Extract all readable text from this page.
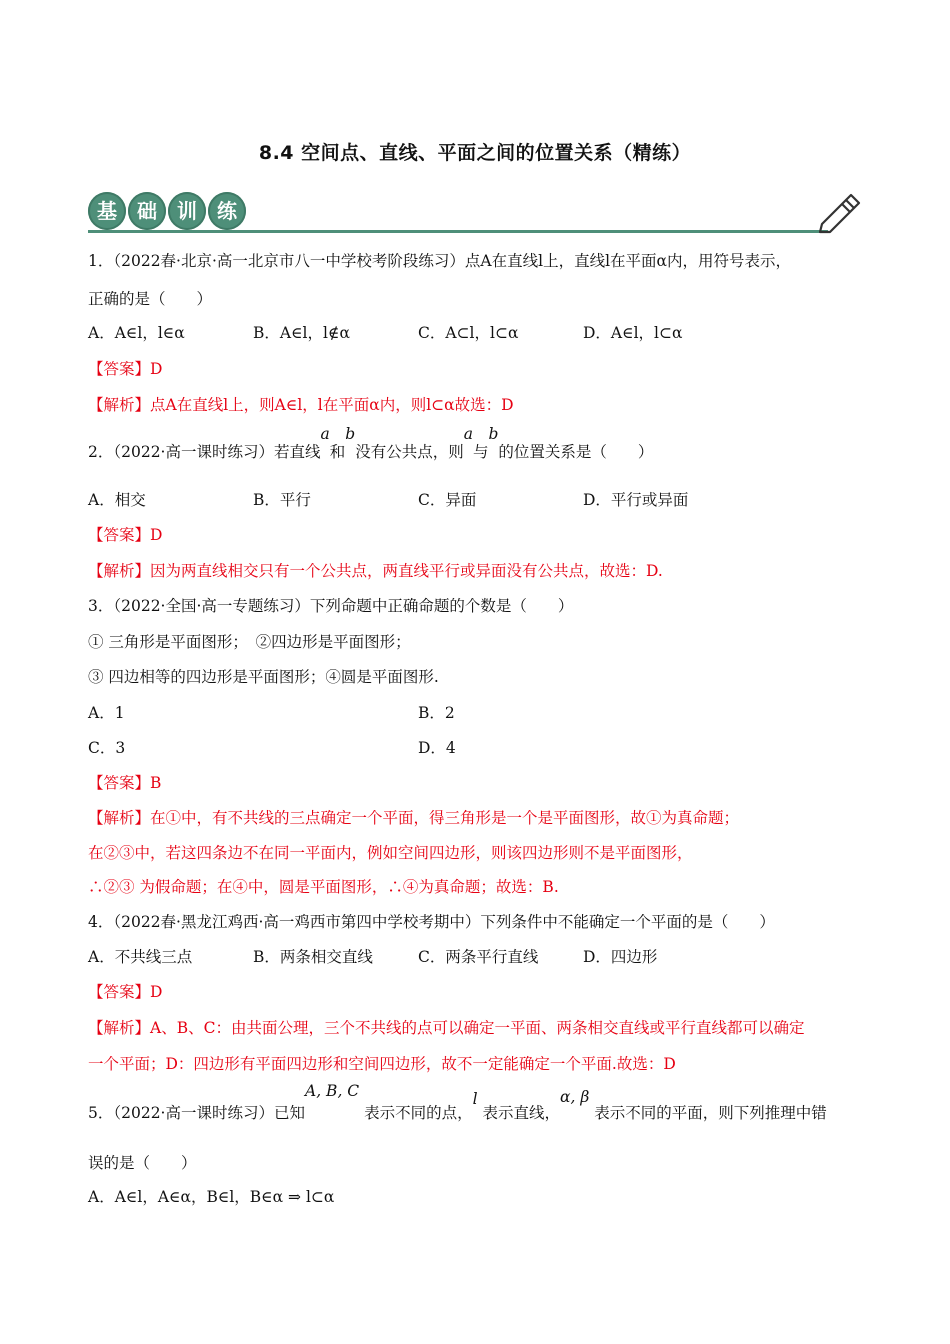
8.4 空间点、直线、平面之间的位置关系（精练）
基	础	训	练
1．（2022春·北京·高一北京市八一中学校考阶段练习）点A在直线l上，直线l在平面α内，用符号表示，
正确的是（　　）
A．A∈l，l∈α	B．A∈l，l∉α	C．A⊂l，l⊂α	D．A∈l，l⊂α
【答案】D
【解析】点A在直线l上，则A∈l，l在平面α内，则l⊂α故选：D
2．（2022·高一课时练习）若直线a和b没有公共点，则a与b的位置关系是（　　）
A．相交	B．平行	C．异面	D．平行或异面
【答案】D
【解析】因为两直线相交只有一个公共点，两直线平行或异面没有公共点，故选：D.
3．（2022·全国·高一专题练习）下列命题中正确命题的个数是（　　）
① 三角形是平面图形；　②四边形是平面图形；
③ 四边相等的四边形是平面图形；④圆是平面图形.
A．1	B．2
C．3	D．4
【答案】B
【解析】在①中，有不共线的三点确定一个平面，得三角形是一个是平面图形，故①为真命题；
在②③中，若这四条边不在同一平面内，例如空间四边形，则该四边形则不是平面图形，
∴②③ 为假命题；在④中，圆是平面图形，∴④为真命题；故选：B.
4．（2022春·黑龙江鸡西·高一鸡西市第四中学校考期中）下列条件中不能确定一个平面的是（　　）
A．不共线三点	B．两条相交直线	C．两条平行直线	D．四边形
【答案】D
【解析】A、B、C：由共面公理，三个不共线的点可以确定一平面、两条相交直线或平行直线都可以确定
一个平面；D：四边形有平面四边形和空间四边形，故不一定能确定一个平面.故选：D
5．（2022·高一课时练习）已知A, B, C 表示不同的点，l 表示直线，α, β 表示不同的平面，则下列推理中错
误的是（　　）
A．A∈l，A∈α，B∈l，B∈α ⇒ l⊂α
